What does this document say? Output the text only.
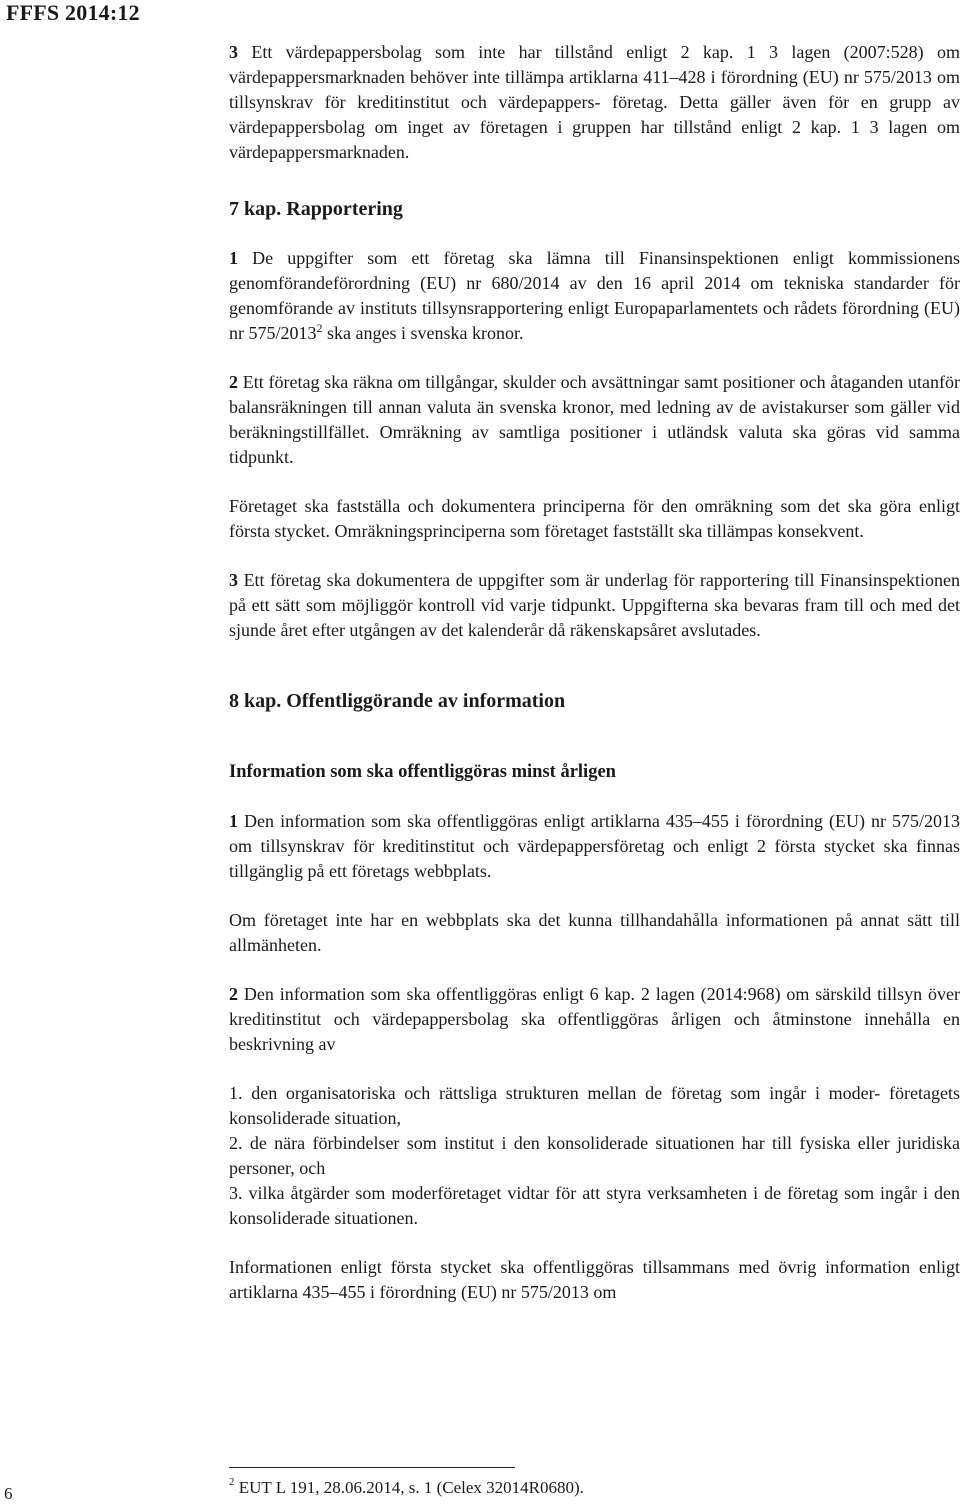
FFFS 2014:12

3 Ett värdepappersbolag som inte har tillstånd enligt 2 kap. 1 3 lagen (2007:528) om värdepappersmarknaden behöver inte tillämpa artiklarna 411–428 i förordning (EU) nr 575/2013 om tillsynskrav för kreditinstitut och värdepappers- företag. Detta gäller även för en grupp av värdepappersbolag om inget av företagen i gruppen har tillstånd enligt 2 kap. 1 3 lagen om värdepappersmarknaden.

7 kap. Rapportering

1 De uppgifter som ett företag ska lämna till Finansinspektionen enligt kommissionens genomförandeförordning (EU) nr 680/2014 av den 16 april 2014 om tekniska standarder för genomförande av instituts tillsynsrapportering enligt Europaparlamentets och rådets förordning (EU) nr 575/2013$^2$ ska anges i svenska kronor.

2 Ett företag ska räkna om tillgångar, skulder och avsättningar samt positioner och åtaganden utanför balansräkningen till annan valuta än svenska kronor, med ledning av de avistakurser som gäller vid beräkningstillfället. Omräkning av samtliga positioner i utländsk valuta ska göras vid samma tidpunkt.

Företaget ska fastställa och dokumentera principerna för den omräkning som det ska göra enligt första stycket. Omräkningsprinciperna som företaget fastställt ska tillämpas konsekvent.

3 Ett företag ska dokumentera de uppgifter som är underlag för rapportering till Finansinspektionen på ett sätt som möjliggör kontroll vid varje tidpunkt. Uppgifterna ska bevaras fram till och med det sjunde året efter utgången av det kalenderår då räkenskapsåret avslutades.

8 kap. Offentliggörande av information

Information som ska offentliggöras minst årligen

1 Den information som ska offentliggöras enligt artiklarna 435–455 i förordning (EU) nr 575/2013 om tillsynskrav för kreditinstitut och värdepappersföretag och enligt 2 första stycket ska finnas tillgänglig på ett företags webbplats.

Om företaget inte har en webbplats ska det kunna tillhandahålla informationen på annat sätt till allmänheten.

2 Den information som ska offentliggöras enligt 6 kap. 2 lagen (2014:968) om särskild tillsyn över kreditinstitut och värdepappersbolag ska offentliggöras årligen och åtminstone innehålla en beskrivning av

1. den organisatoriska och rättsliga strukturen mellan de företag som ingår i moder- företagets konsoliderade situation,

2. de nära förbindelser som institut i den konsoliderade situationen har till fysiska eller juridiska personer, och

3. vilka åtgärder som moderföretaget vidtar för att styra verksamheten i de företag som ingår i den konsoliderade situationen.

Informationen enligt första stycket ska offentliggöras tillsammans med övrig information enligt artiklarna 435–455 i förordning (EU) nr 575/2013 om

$^2$ EUT L 191, 28.06.2014, s. 1 (Celex 32014R0680).
6
